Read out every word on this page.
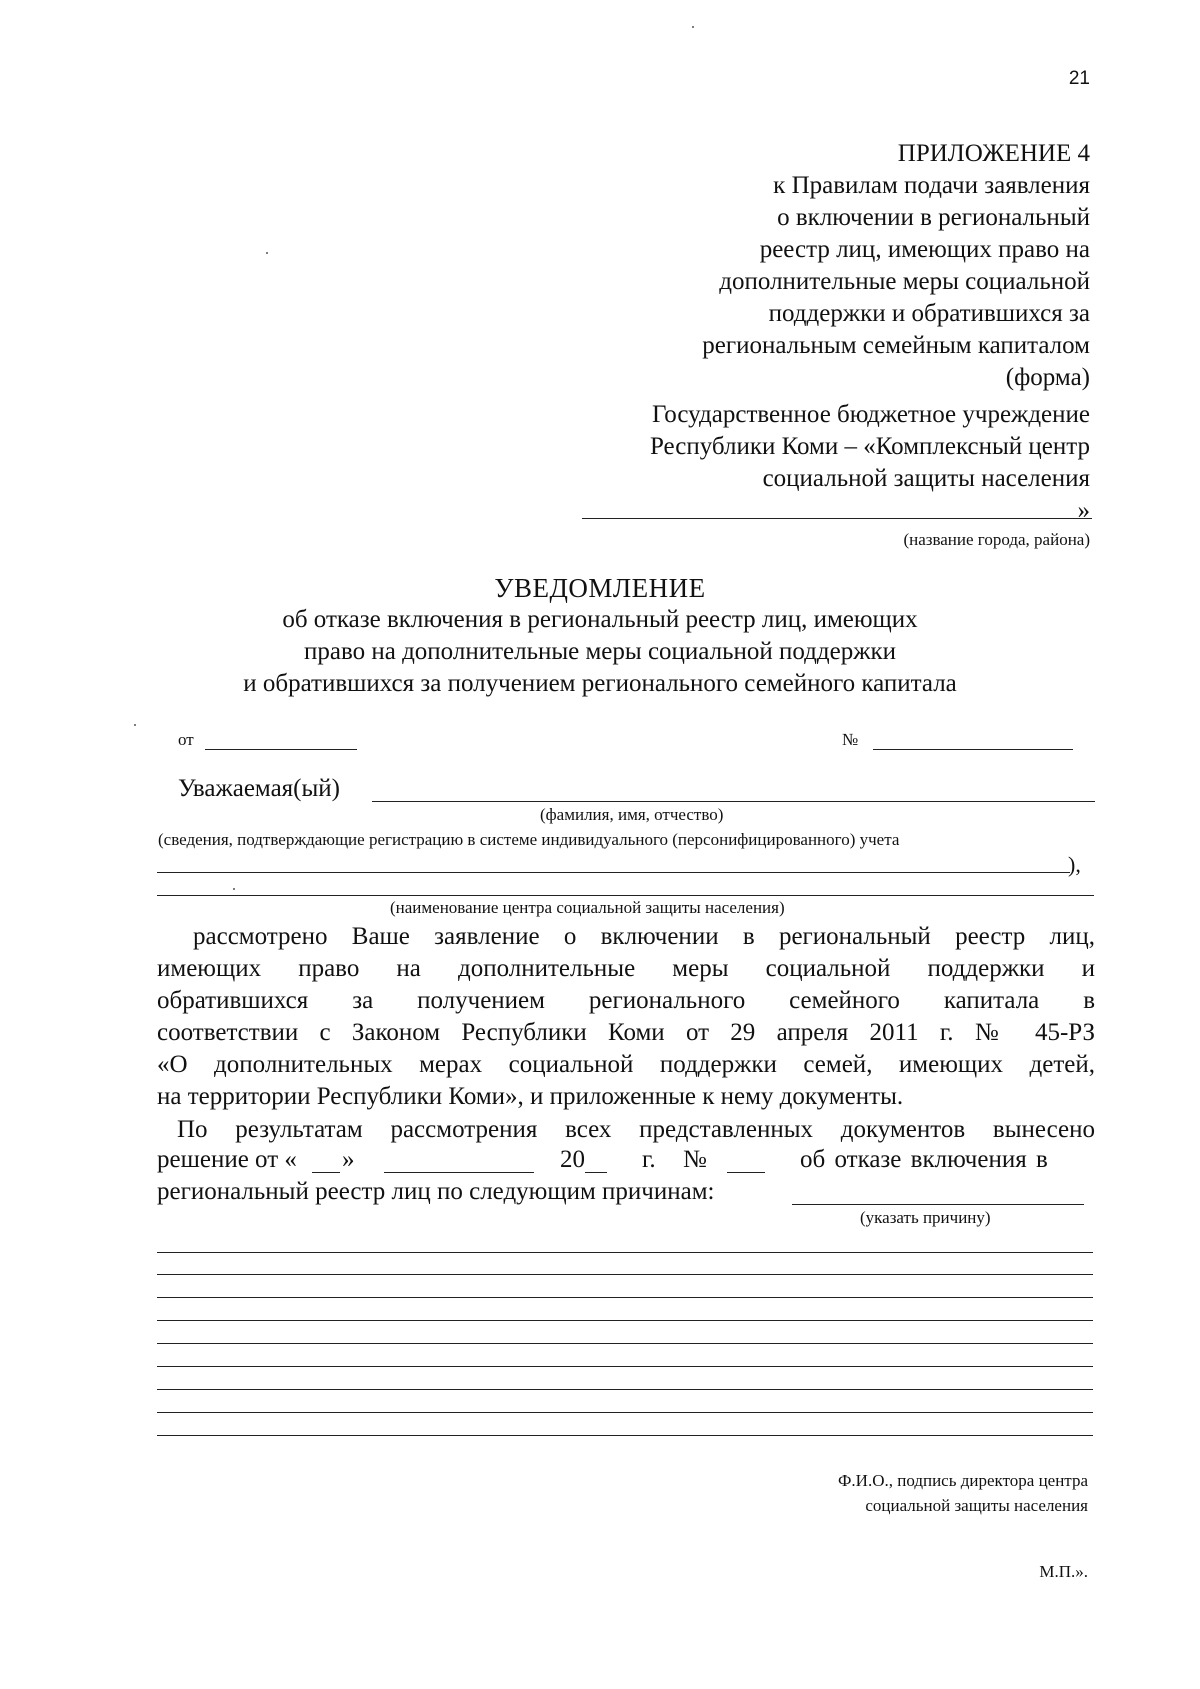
21
ПРИЛОЖЕНИЕ 4
к Правилам подачи заявления
о включении в региональный
реестр лиц, имеющих право на
дополнительные меры социальной
поддержки и обратившихся за
региональным семейным капиталом
(форма)
Государственное бюджетное учреждение
Республики Коми – «Комплексный центр
социальной защиты населения
»
(название города, района)
УВЕДОМЛЕНИЕ
об отказе включения в региональный реестр лиц, имеющих
право на дополнительные меры социальной поддержки
и обратившихся за получением регионального семейного капитала
от	№
Уважаемая(ый)
(фамилия, имя, отчество)
(сведения, подтверждающие регистрацию в системе индивидуального (персонифицированного) учета
),
(наименование центра социальной защиты населения)
рассмотрено Ваше заявление о включении в региональный реестр лиц,
имеющих право на дополнительные меры социальной поддержки и
обратившихся за получением регионального семейного капитала в
соответствии с Законом Республики Коми от 29 апреля 2011 г. № 45-РЗ
«О дополнительных мерах социальной поддержки семей, имеющих детей,
на территории Республики Коми», и приложенные к нему документы.
По результатам рассмотрения всех представленных документов вынесено
решение от « »	20 г. №	об отказе включения в
региональный реестр лиц по следующим причинам:
(указать причину)
Ф.И.О., подпись директора центра
социальной защиты населения
М.П.».
